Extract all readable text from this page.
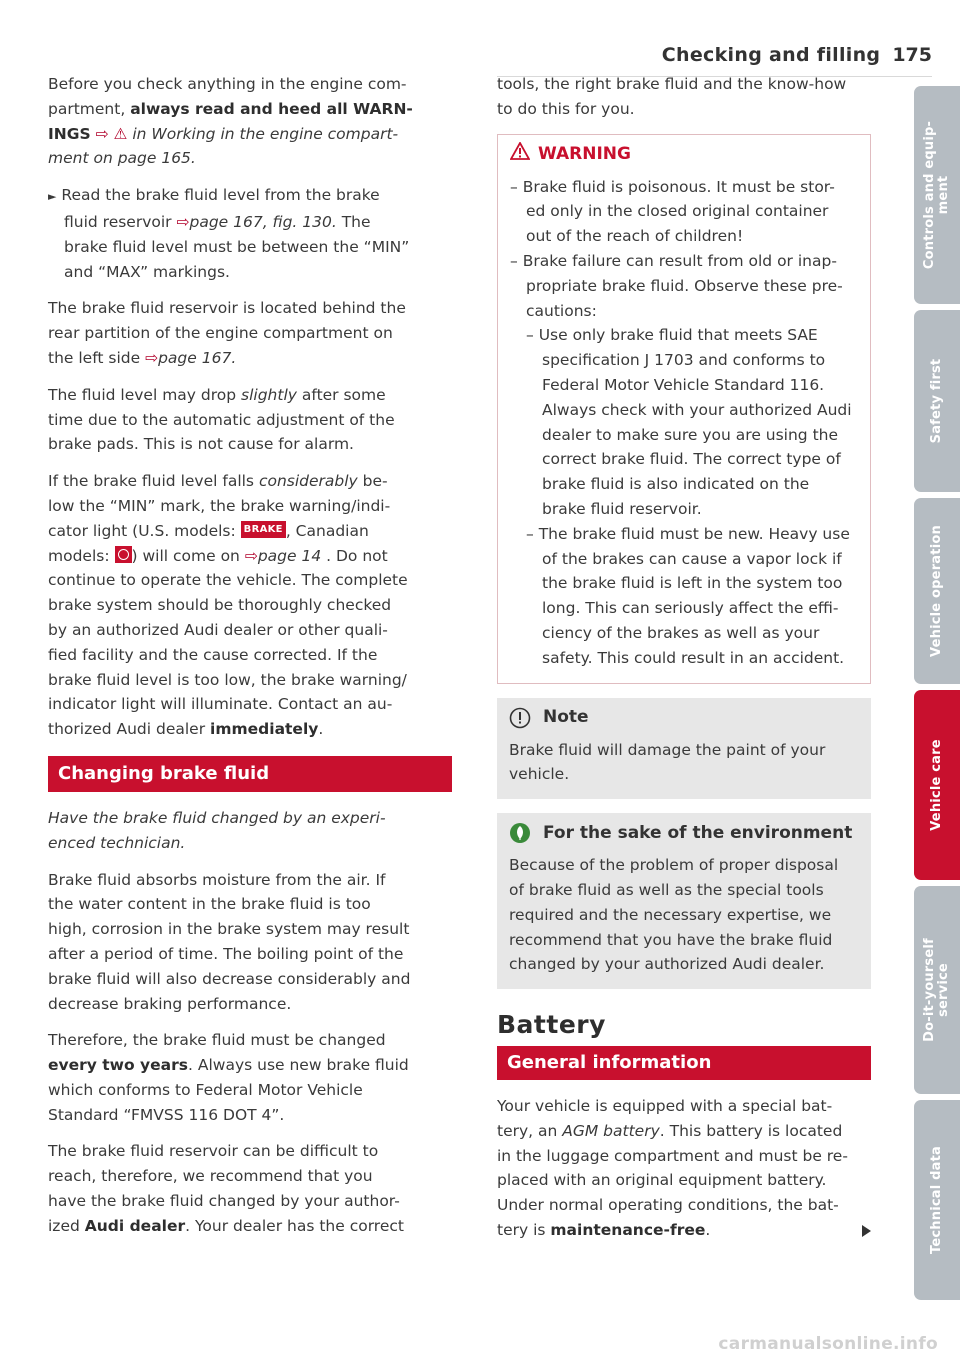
Checking and filling 175

Before you check anything in the engine com-
partment, always read and heed all WARN-
INGS ⇨ ⚠ in Working in the engine compart-
ment on page 165.

► Read the brake fluid level from the brake
fluid reservoir ⇨page 167, fig. 130. The
brake fluid level must be between the “MIN”
and “MAX” markings.

The brake fluid reservoir is located behind the
rear partition of the engine compartment on
the left side ⇨page 167.

The fluid level may drop slightly after some
time due to the automatic adjustment of the
brake pads. This is not cause for alarm.

If the brake fluid level falls considerably be-
low the “MIN” mark, the brake warning/indi-
cator light (U.S. models: BRAKE , Canadian
models: ) will come on ⇨page 14 . Do not
continue to operate the vehicle. The complete
brake system should be thoroughly checked
by an authorized Audi dealer or other quali-
fied facility and the cause corrected. If the
brake fluid level is too low, the brake warning/
indicator light will illuminate. Contact an au-
thorized Audi dealer immediately.

Changing brake fluid

Have the brake fluid changed by an experi-
enced technician.

Brake fluid absorbs moisture from the air. If
the water content in the brake fluid is too
high, corrosion in the brake system may result
after a period of time. The boiling point of the
brake fluid will also decrease considerably and
decrease braking performance.

Therefore, the brake fluid must be changed
every two years. Always use new brake fluid
which conforms to Federal Motor Vehicle
Standard “FMVSS 116 DOT 4”.

The brake fluid reservoir can be difficult to
reach, therefore, we recommend that you
have the brake fluid changed by your author-
ized Audi dealer. Your dealer has the correct

tools, the right brake fluid and the know-how
to do this for you.

WARNING
– Brake fluid is poisonous. It must be stor-
ed only in the closed original container
out of the reach of children!
– Brake failure can result from old or inap-
propriate brake fluid. Observe these pre-
cautions:
– Use only brake fluid that meets SAE
specification J 1703 and conforms to
Federal Motor Vehicle Standard 116.
Always check with your authorized Audi
dealer to make sure you are using the
correct brake fluid. The correct type of
brake fluid is also indicated on the
brake fluid reservoir.
– The brake fluid must be new. Heavy use
of the brakes can cause a vapor lock if
the brake fluid is left in the system too
long. This can seriously affect the effi-
ciency of the brakes as well as your
safety. This could result in an accident.
Note
Brake fluid will damage the paint of your
vehicle.
For the sake of the environment
Because of the problem of proper disposal
of brake fluid as well as the special tools
required and the necessary expertise, we
recommend that you have the brake fluid
changed by your authorized Audi dealer.
Battery
General information

Your vehicle is equipped with a special bat-
tery, an AGM battery. This battery is located
in the luggage compartment and must be re-
placed with an original equipment battery.
Under normal operating conditions, the bat-
tery is maintenance-free.

Controls and equip- ment
Safety first
Vehicle operation
Vehicle care
Do-it-yourself service
Technical data
carmanualsonline.info
